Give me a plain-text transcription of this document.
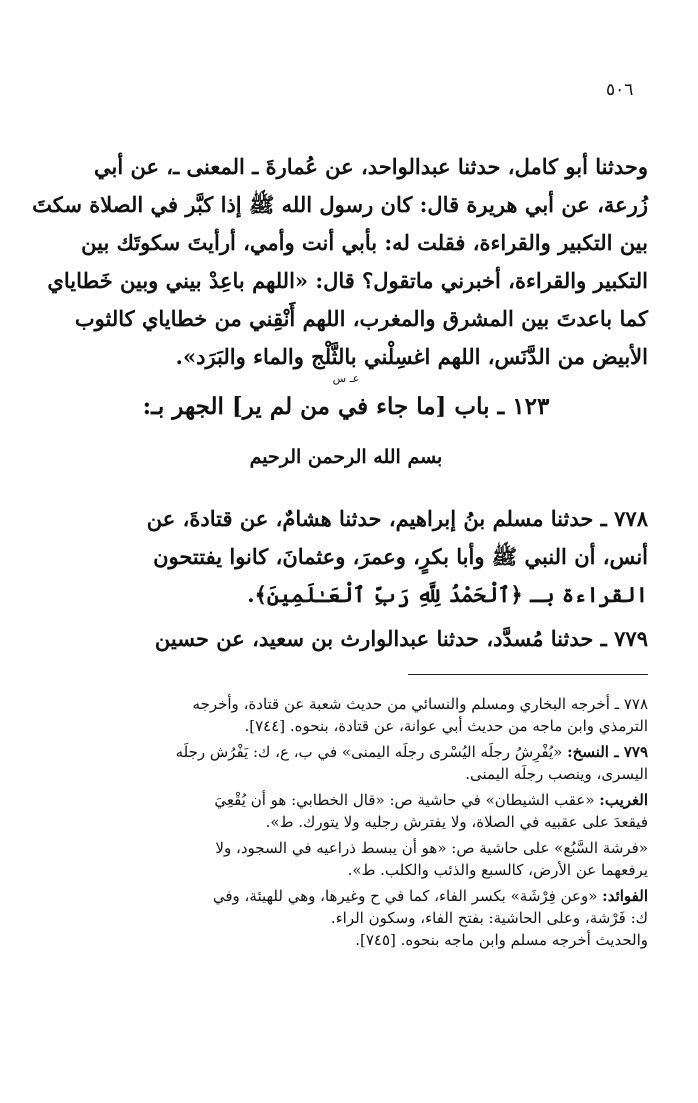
٥٠٦
وحدثنا أبو كامل، حدثنا عبدالواحد، عن عُمارةَ ـ المعنى ـ، عن أبي
زُرعة، عن أبي هريرة قال: كان رسول الله ﷺ إذا كبَّر في الصلاة سكتَ
بين التكبير والقراءة، فقلت له: بأبي أنت وأمي، أرأيتَ سكوتَك بين
التكبير والقراءة، أخبرني ماتقول؟ قال: «اللهم باعِدْ بيني وبين خَطاياي
كما باعدتَ بين المشرق والمغرب، اللهم أَنْقِني من خطاياي كالثوب
الأبيض من الدَّنَس، اللهم اغسِلْني بالثَّلْج والماء والبَرَد».
عـ س
١٢٣ ـ باب [ما جاء في من لم ير] الجهر بـ:
بسم الله الرحمن الرحيم
٧٧٨ ـ حدثنا مسلم بنُ إبراهيم، حدثنا هشامٌ، عن قتادةَ، عن
أنس، أن النبي ﷺ وأبا بكرٍ، وعمرَ، وعثمانَ، كانوا يفتتحون
القراءة بـ ﴿ٱلْحَمْدُ لِلَّهِ رَبِّ ٱلْعَـٰلَمِينَ﴾.
٧٧٩ ـ حدثنا مُسدَّد، حدثنا عبدالوارث بن سعيد، عن حسين
٧٧٨ ـ أخرجه البخاري ومسلم والنسائي من حديث شعبة عن قتادة، وأخرجه
الترمذي وابن ماجه من حديث أبي عوانة، عن قتادة، بنحوه. [٧٤٤].
٧٧٩ ـ النسخ: «يُفْرِشُ رجلَه اليُسْرى رجلَه اليمنى» في ب، ع، ك: يَفْرُش رجلَه
اليسرى، وينصب رجلَه اليمنى.
الغريب: «عقب الشيطان» في حاشية ص: «قال الخطابي: هو أن يُقْعِيَ
فيقعدَ على عقبيه في الصلاة، ولا يفترش رجليه ولا يتورك. ط».
«فرشة السَّبُع» على حاشية ص: «هو أن يبسط ذراعيه في السجود، ولا
يرفعهما عن الأرض، كالسبع والذئب والكلب. ط».
الفوائد: «وعن فِرْشَة» بكسر الفاء، كما في ح وغيرها، وهي للهيئة، وفي
ك: فَرْشة، وعلى الحاشية: بفتح الفاء، وسكون الراء.
والحديث أخرجه مسلم وابن ماجه بنحوه. [٧٤٥].
